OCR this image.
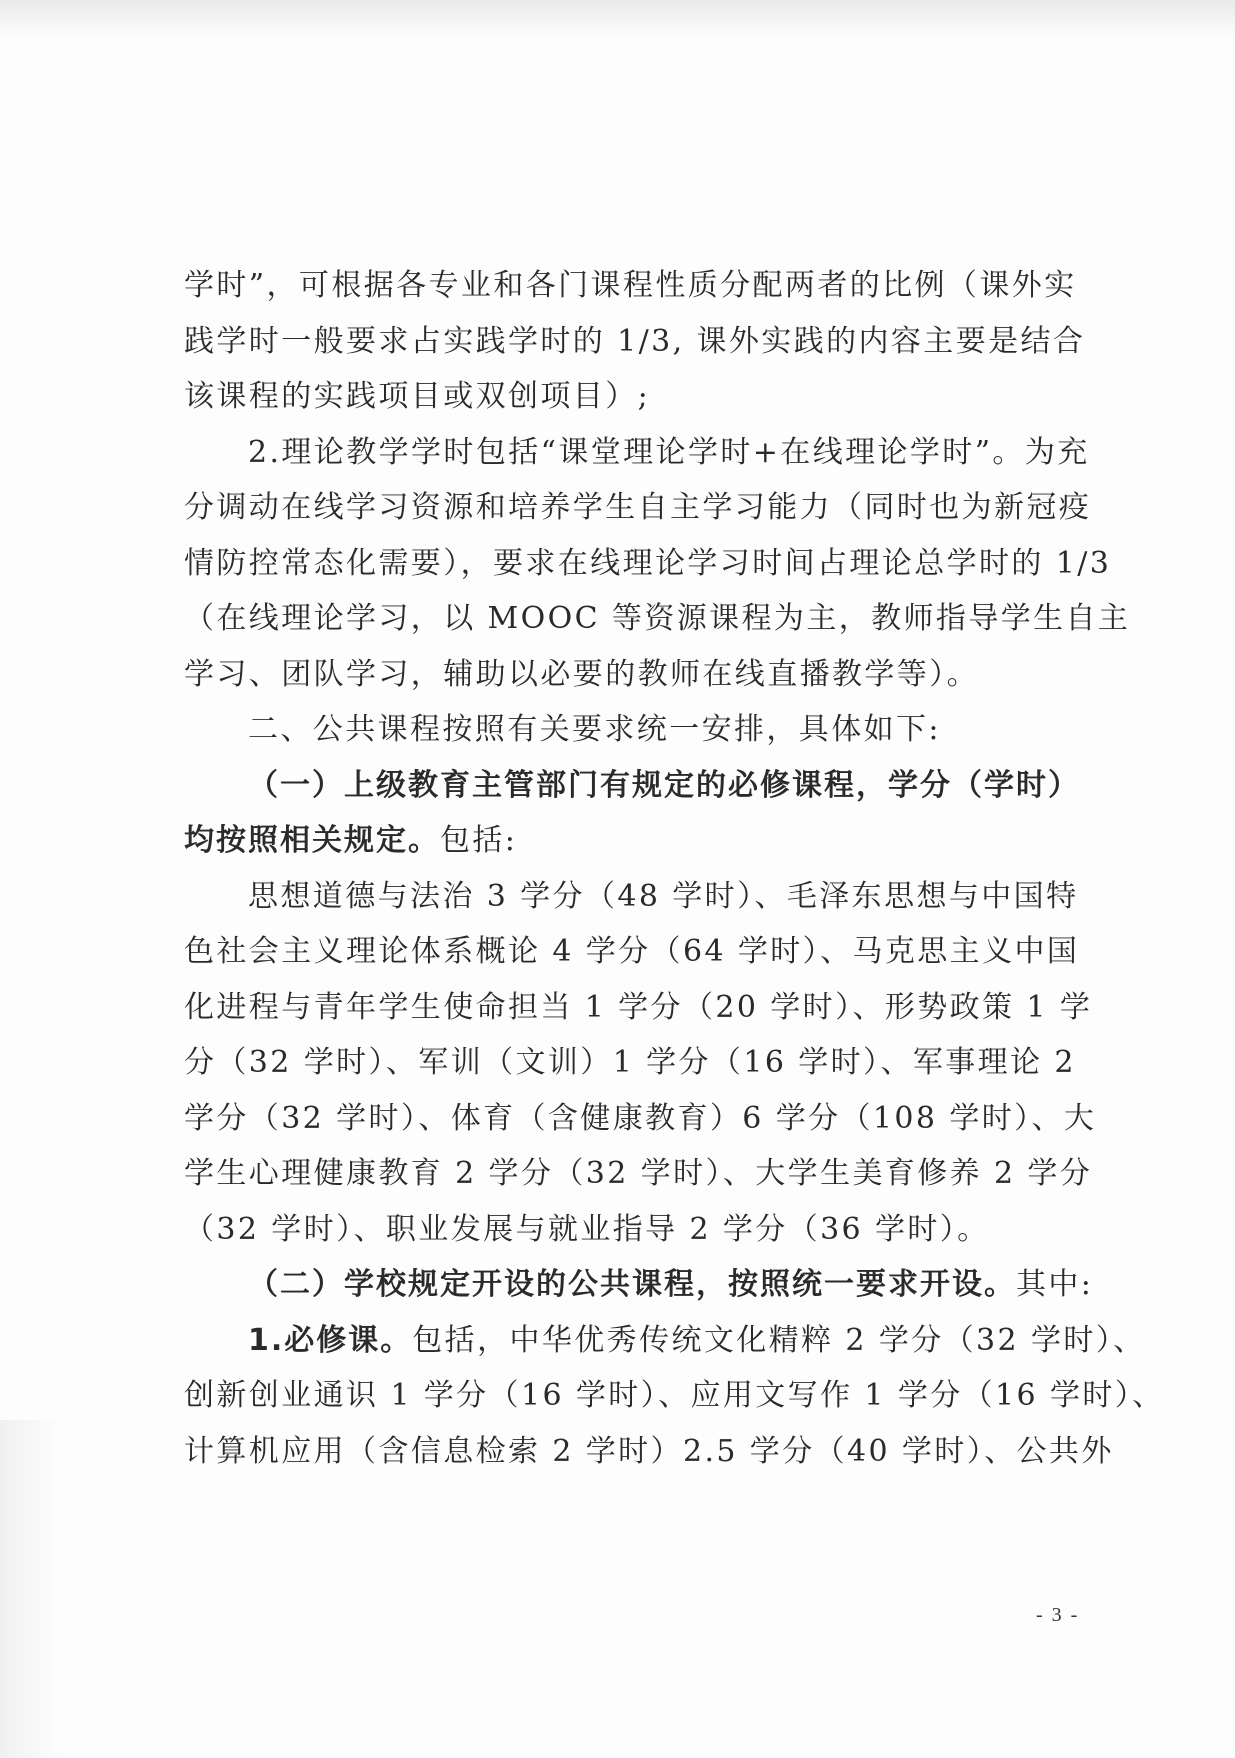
学时”，可根据各专业和各门课程性质分配两者的比例（课外实
践学时一般要求占实践学时的 1/3, 课外实践的内容主要是结合
该课程的实践项目或双创项目）;
2.理论教学学时包括“课堂理论学时+在线理论学时”。为充
分调动在线学习资源和培养学生自主学习能力（同时也为新冠疫
情防控常态化需要），要求在线理论学习时间占理论总学时的 1/3
（在线理论学习，以 MOOC 等资源课程为主，教师指导学生自主
学习、团队学习，辅助以必要的教师在线直播教学等）。
二、公共课程按照有关要求统一安排，具体如下:
（一）上级教育主管部门有规定的必修课程，学分（学时）
均按照相关规定。包括:
思想道德与法治 3 学分（48 学时）、毛泽东思想与中国特
色社会主义理论体系概论 4 学分（64 学时）、马克思主义中国
化进程与青年学生使命担当 1 学分（20 学时）、形势政策 1 学
分（32 学时）、军训（文训）1 学分（16 学时）、军事理论 2
学分（32 学时）、体育（含健康教育）6 学分（108 学时）、大
学生心理健康教育 2 学分（32 学时）、大学生美育修养 2 学分
（32 学时）、职业发展与就业指导 2 学分（36 学时）。
（二）学校规定开设的公共课程，按照统一要求开设。其中:
1.必修课。包括，中华优秀传统文化精粹 2 学分（32 学时）、
创新创业通识 1 学分（16 学时）、应用文写作 1 学分（16 学时）、
计算机应用（含信息检索 2 学时）2.5 学分（40 学时）、公共外
- 3 -
